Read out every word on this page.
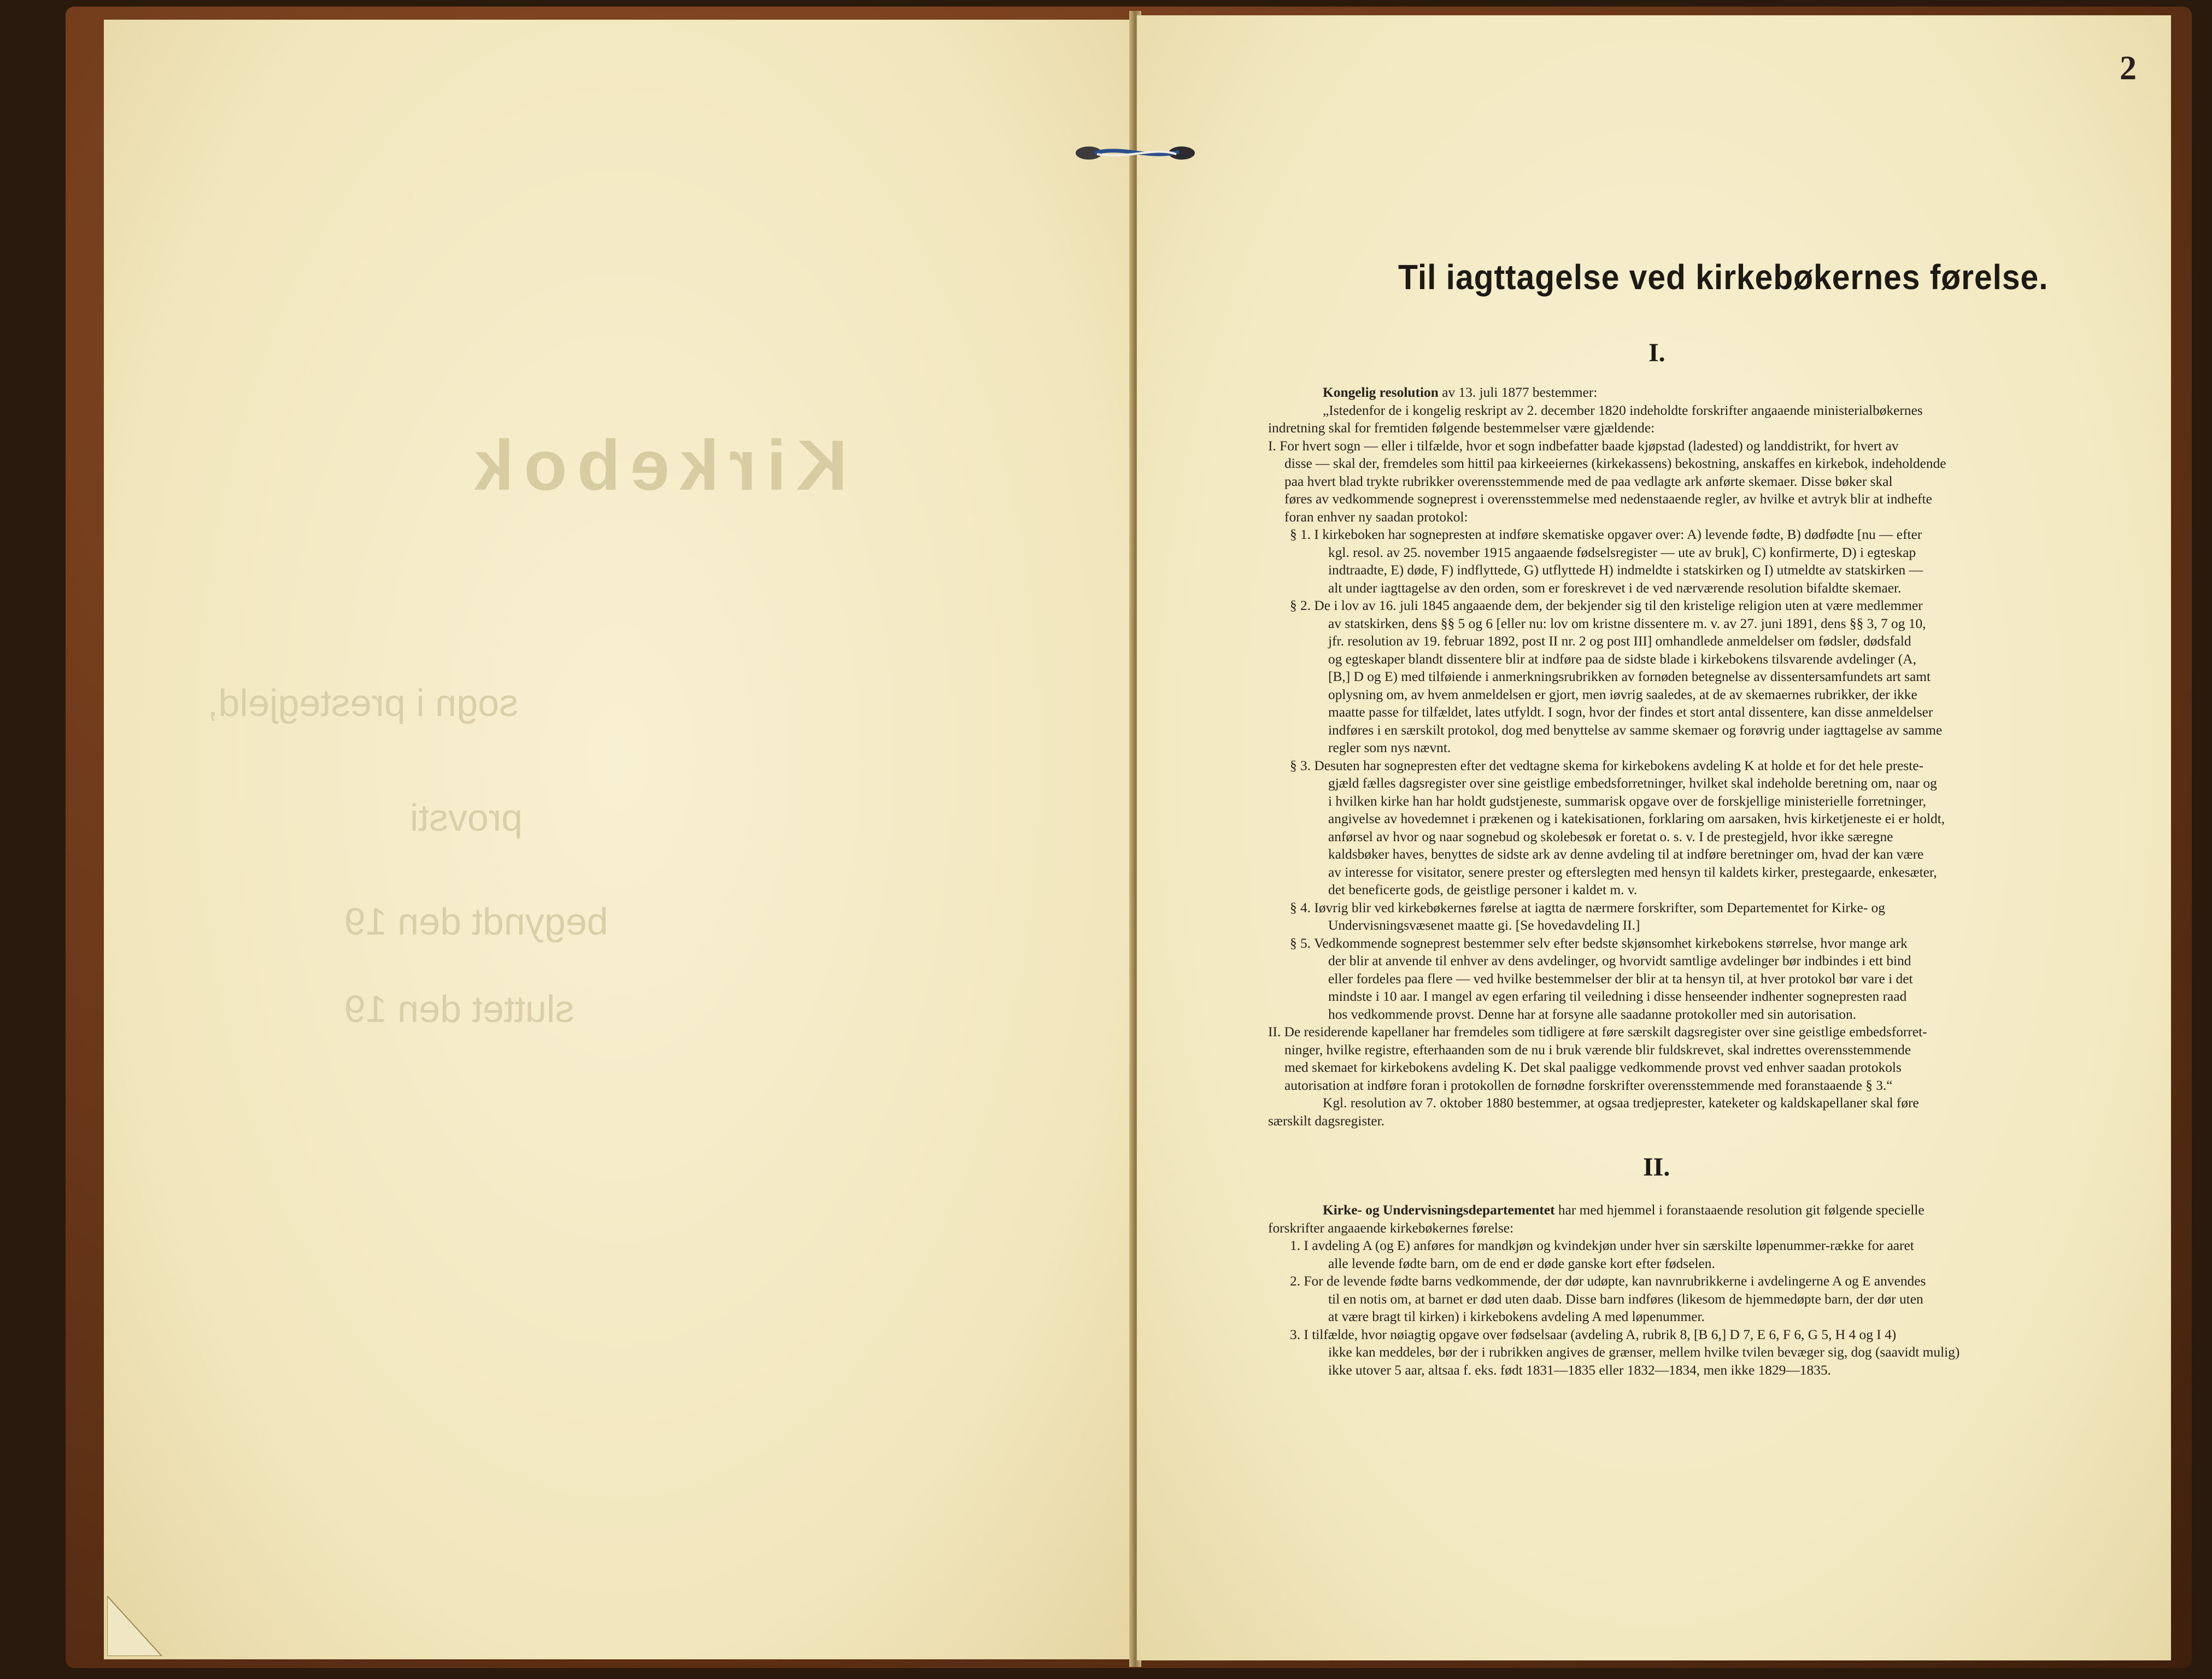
Kirkebok
sogn i prestegjeld,
provsti
begyndt den 19
sluttet den 19
2
Til iagttagelse ved kirkebøkernes førelse.
I.
Kongelig resolution av 13. juli 1877 bestemmer:
„Istedenfor de i kongelig reskript av 2. december 1820 indeholdte forskrifter angaaende ministerialbøkernes
indretning skal for fremtiden følgende bestemmelser være gjældende:
I. For hvert sogn — eller i tilfælde, hvor et sogn indbefatter baade kjøpstad (ladested) og landdistrikt, for hvert av
disse — skal der, fremdeles som hittil paa kirkeeiernes (kirkekassens) bekostning, anskaffes en kirkebok, indeholdende
paa hvert blad trykte rubrikker overensstemmende med de paa vedlagte ark anførte skemaer. Disse bøker skal
føres av vedkommende sogneprest i overensstemmelse med nedenstaaende regler, av hvilke et avtryk blir at indhefte
foran enhver ny saadan protokol:
§ 1. I kirkeboken har sognepresten at indføre skematiske opgaver over: A) levende fødte, B) dødfødte [nu — efter
kgl. resol. av 25. november 1915 angaaende fødselsregister — ute av bruk], C) konfirmerte, D) i egteskap
indtraadte, E) døde, F) indflyttede, G) utflyttede H) indmeldte i statskirken og I) utmeldte av statskirken —
alt under iagttagelse av den orden, som er foreskrevet i de ved nærværende resolution bifaldte skemaer.
§ 2. De i lov av 16. juli 1845 angaaende dem, der bekjender sig til den kristelige religion uten at være medlemmer
av statskirken, dens §§ 5 og 6 [eller nu: lov om kristne dissentere m. v. av 27. juni 1891, dens §§ 3, 7 og 10,
jfr. resolution av 19. februar 1892, post II nr. 2 og post III] omhandlede anmeldelser om fødsler, dødsfald
og egteskaper blandt dissentere blir at indføre paa de sidste blade i kirkebokens tilsvarende avdelinger (A,
[B,] D og E) med tilføiende i anmerkningsrubrikken av fornøden betegnelse av dissentersamfundets art samt
oplysning om, av hvem anmeldelsen er gjort, men iøvrig saaledes, at de av skemaernes rubrikker, der ikke
maatte passe for tilfældet, lates utfyldt. I sogn, hvor der findes et stort antal dissentere, kan disse anmeldelser
indføres i en særskilt protokol, dog med benyttelse av samme skemaer og forøvrig under iagttagelse av samme
regler som nys nævnt.
§ 3. Desuten har sognepresten efter det vedtagne skema for kirkebokens avdeling K at holde et for det hele preste-
gjæld fælles dagsregister over sine geistlige embedsforretninger, hvilket skal indeholde beretning om, naar og
i hvilken kirke han har holdt gudstjeneste, summarisk opgave over de forskjellige ministerielle forretninger,
angivelse av hovedemnet i prækenen og i katekisationen, forklaring om aarsaken, hvis kirketjeneste ei er holdt,
anførsel av hvor og naar sognebud og skolebesøk er foretat o. s. v. I de prestegjeld, hvor ikke særegne
kaldsbøker haves, benyttes de sidste ark av denne avdeling til at indføre beretninger om, hvad der kan være
av interesse for visitator, senere prester og efterslegten med hensyn til kaldets kirker, prestegaarde, enkesæter,
det beneficerte gods, de geistlige personer i kaldet m. v.
§ 4. Iøvrig blir ved kirkebøkernes førelse at iagtta de nærmere forskrifter, som Departementet for Kirke- og
Undervisningsvæsenet maatte gi. [Se hovedavdeling II.]
§ 5. Vedkommende sogneprest bestemmer selv efter bedste skjønsomhet kirkebokens størrelse, hvor mange ark
der blir at anvende til enhver av dens avdelinger, og hvorvidt samtlige avdelinger bør indbindes i ett bind
eller fordeles paa flere — ved hvilke bestemmelser der blir at ta hensyn til, at hver protokol bør vare i det
mindste i 10 aar. I mangel av egen erfaring til veiledning i disse henseender indhenter sognepresten raad
hos vedkommende provst. Denne har at forsyne alle saadanne protokoller med sin autorisation.
II. De residerende kapellaner har fremdeles som tidligere at føre særskilt dagsregister over sine geistlige embedsforret-
ninger, hvilke registre, efterhaanden som de nu i bruk værende blir fuldskrevet, skal indrettes overensstemmende
med skemaet for kirkebokens avdeling K. Det skal paaligge vedkommende provst ved enhver saadan protokols
autorisation at indføre foran i protokollen de fornødne forskrifter overensstemmende med foranstaaende § 3.“
Kgl. resolution av 7. oktober 1880 bestemmer, at ogsaa tredjeprester, kateketer og kaldskapellaner skal føre
særskilt dagsregister.
II.
Kirke- og Undervisningsdepartementet har med hjemmel i foranstaaende resolution git følgende specielle
forskrifter angaaende kirkebøkernes førelse:
1. I avdeling A (og E) anføres for mandkjøn og kvindekjøn under hver sin særskilte løpenummer-række for aaret
alle levende fødte barn, om de end er døde ganske kort efter fødselen.
2. For de levende fødte barns vedkommende, der dør udøpte, kan navnrubrikkerne i avdelingerne A og E anvendes
til en notis om, at barnet er død uten daab. Disse barn indføres (likesom de hjemmedøpte barn, der dør uten
at være bragt til kirken) i kirkebokens avdeling A med løpenummer.
3. I tilfælde, hvor nøiagtig opgave over fødselsaar (avdeling A, rubrik 8, [B 6,] D 7, E 6, F 6, G 5, H 4 og I 4)
ikke kan meddeles, bør der i rubrikken angives de grænser, mellem hvilke tvilen bevæger sig, dog (saavidt mulig)
ikke utover 5 aar, altsaa f. eks. født 1831—1835 eller 1832—1834, men ikke 1829—1835.
